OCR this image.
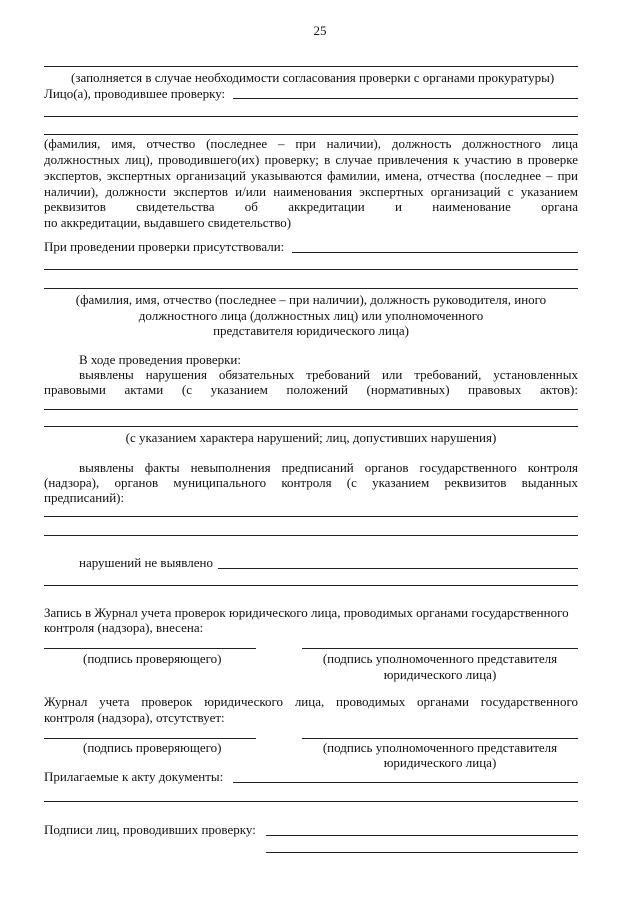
25
(заполняется в случае необходимости согласования проверки с органами прокуратуры)
Лицо(а), проводившее проверку:
(фамилия, имя, отчество (последнее – при наличии), должность должностного лица
должностных лиц), проводившего(их) проверку; в случае привлечения к участию в проверке
экспертов, экспертных организаций указываются фамилии, имена, отчества (последнее – при
наличии), должности экспертов и/или наименования экспертных организаций с указанием
реквизитов свидетельства об аккредитации и наименование органа
по аккредитации, выдавшего свидетельство)
При проведении проверки присутствовали:
(фамилия, имя, отчество (последнее – при наличии), должность руководителя, иного
должностного лица (должностных лиц) или уполномоченного
представителя юридического лица)
В ходе проведения проверки:
выявлены нарушения обязательных требований или требований, установленных
правовыми актами (с указанием положений (нормативных) правовых актов):
(с указанием характера нарушений; лиц, допустивших нарушения)
выявлены факты невыполнения предписаний органов государственного контроля
(надзора), органов муниципального контроля (с указанием реквизитов выданных
предписаний):
нарушений не выявлено
Запись в Журнал учета проверок юридического лица, проводимых органами государственного
контроля (надзора), внесена:
(подпись проверяющего)	(подпись уполномоченного представителя
юридического лица)
Журнал учета проверок юридического лица, проводимых органами государственного
контроля (надзора), отсутствует:
(подпись проверяющего)	(подпись уполномоченного представителя
юридического лица)
Прилагаемые к акту документы:
Подписи лиц, проводивших проверку:
